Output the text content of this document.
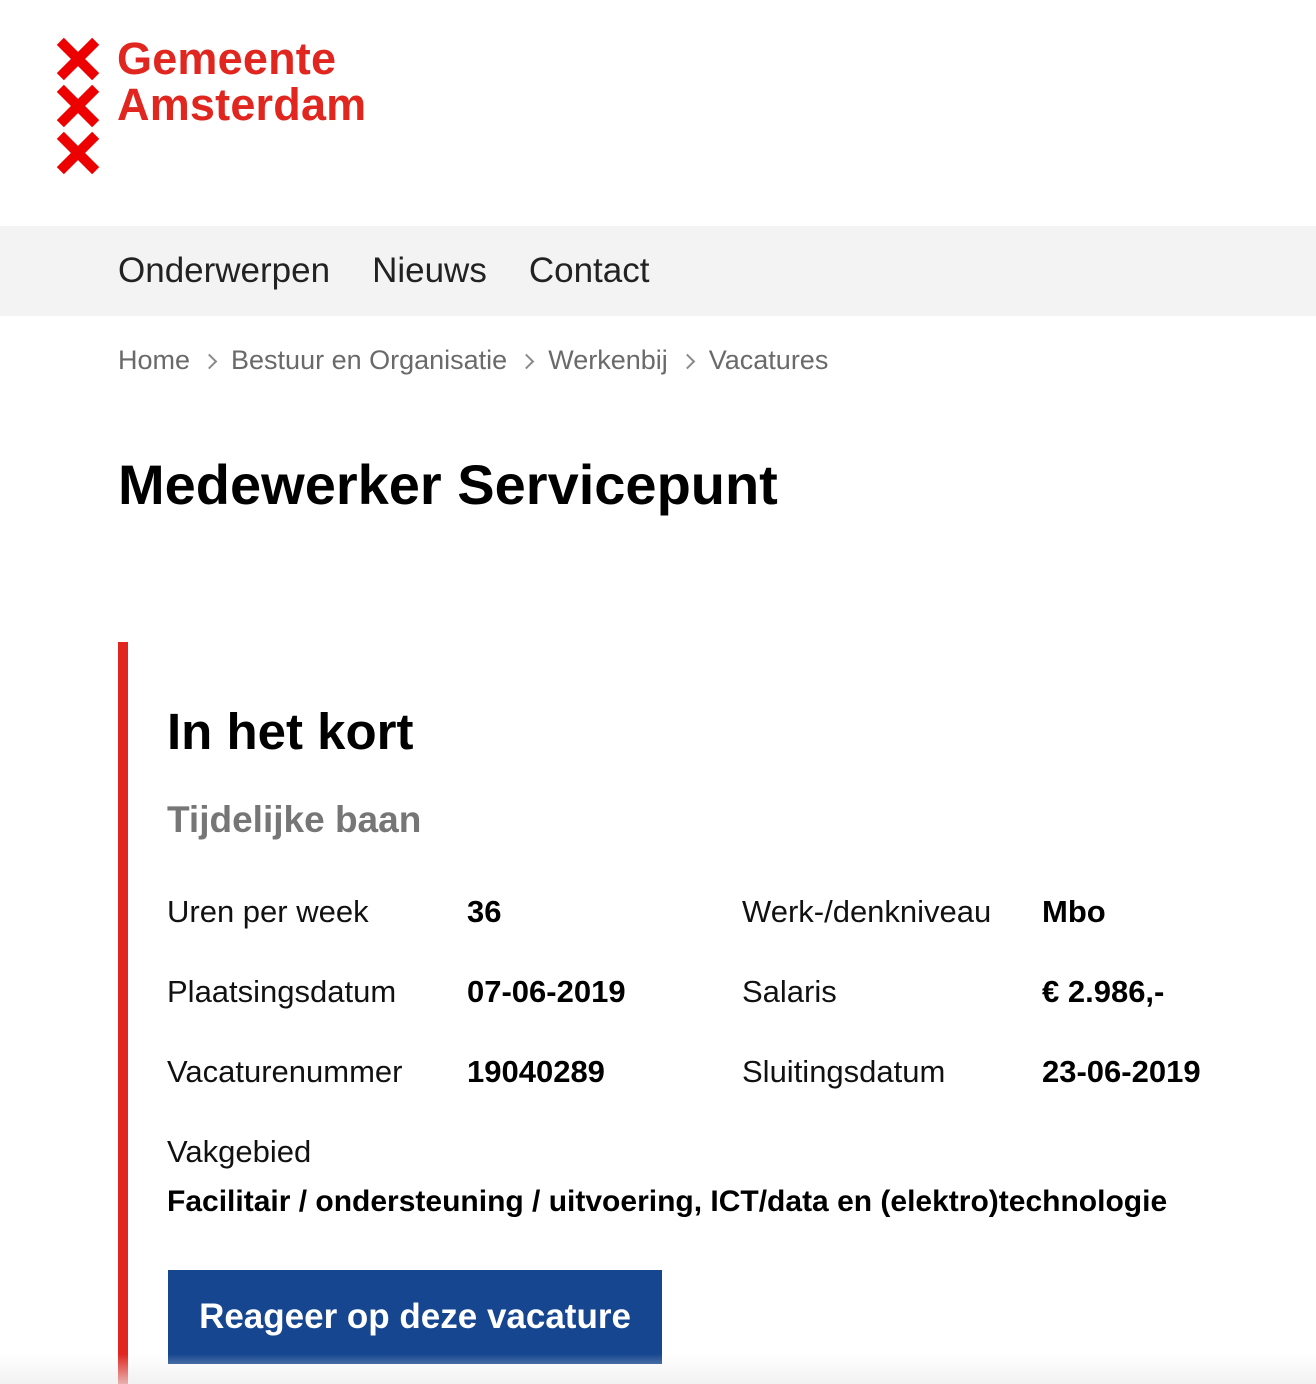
Gemeente
Amsterdam
Onderwerpen Nieuws Contact
Home Bestuur en Organisatie Werkenbij Vacatures
Medewerker Servicepunt
In het kort
Tijdelijke baan
Uren per week	36	Werk-/denkniveau Mbo
Plaatsingsdatum 07-06-2019	Salaris	€ 2.986,-
Vacaturenummer 19040289	Sluitingsdatum	23-06-2019
Vakgebied
Facilitair / ondersteuning / uitvoering, ICT/data en (elektro)technologie
Reageer op deze vacature
